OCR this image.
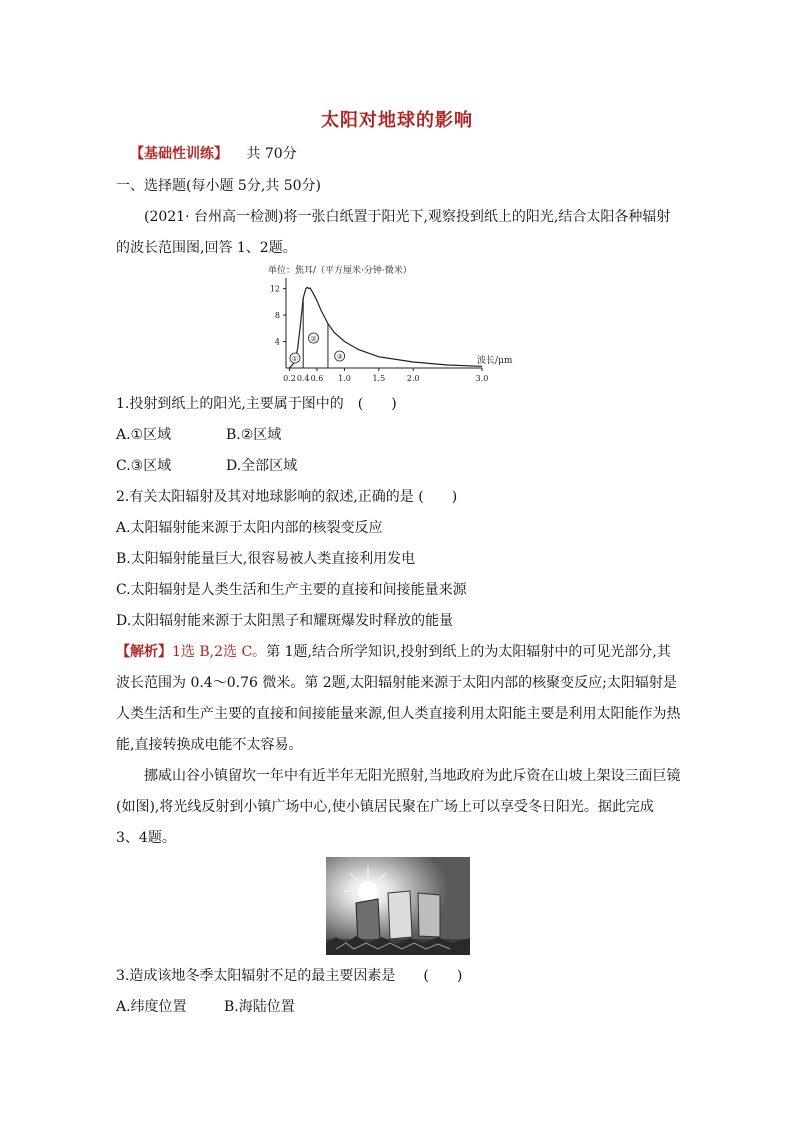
太阳对地球的影响
【基础性训练】 共 70分
一、选择题(每小题 5分,共 50分)
(2021· 台州高一检测)将一张白纸置于阳光下,观察投到纸上的阳光,结合太阳各种辐射的波长范围图,回答 1、2题。
单位：焦耳/（平方厘米·分钟·微米）
0.2 0.6 1.0	1.5	2.0	3.0
0.4
4
8
12
①
②
③	波长/μm
1.投射到纸上的阳光,主要属于图中的　(　　)
A.①区域	B.②区域
C.③区域	D.全部区域
2.有关太阳辐射及其对地球影响的叙述,正确的是 (　　)
A.太阳辐射能来源于太阳内部的核裂变反应
B.太阳辐射能量巨大,很容易被人类直接利用发电
C.太阳辐射是人类生活和生产主要的直接和间接能量来源
D.太阳辐射能来源于太阳黑子和耀斑爆发时释放的能量
【解析】1选 B,2选 C。第 1题,结合所学知识,投射到纸上的为太阳辐射中的可见光部分,其波长范围为 0.4～0.76 微米。第 2题,太阳辐射能来源于太阳内部的核聚变反应;太阳辐射是人类生活和生产主要的直接和间接能量来源,但人类直接利用太阳能主要是利用太阳能作为热能,直接转换成电能不太容易。
挪威山谷小镇留坎一年中有近半年无阳光照射,当地政府为此斥资在山坡上架设三面巨镜(如图),将光线反射到小镇广场中心,使小镇居民聚在广场上可以享受冬日阳光。据此完成 3、4题。
3.造成该地冬季太阳辐射不足的最主要因素是　　(　　)
A.纬度位置	B.海陆位置
